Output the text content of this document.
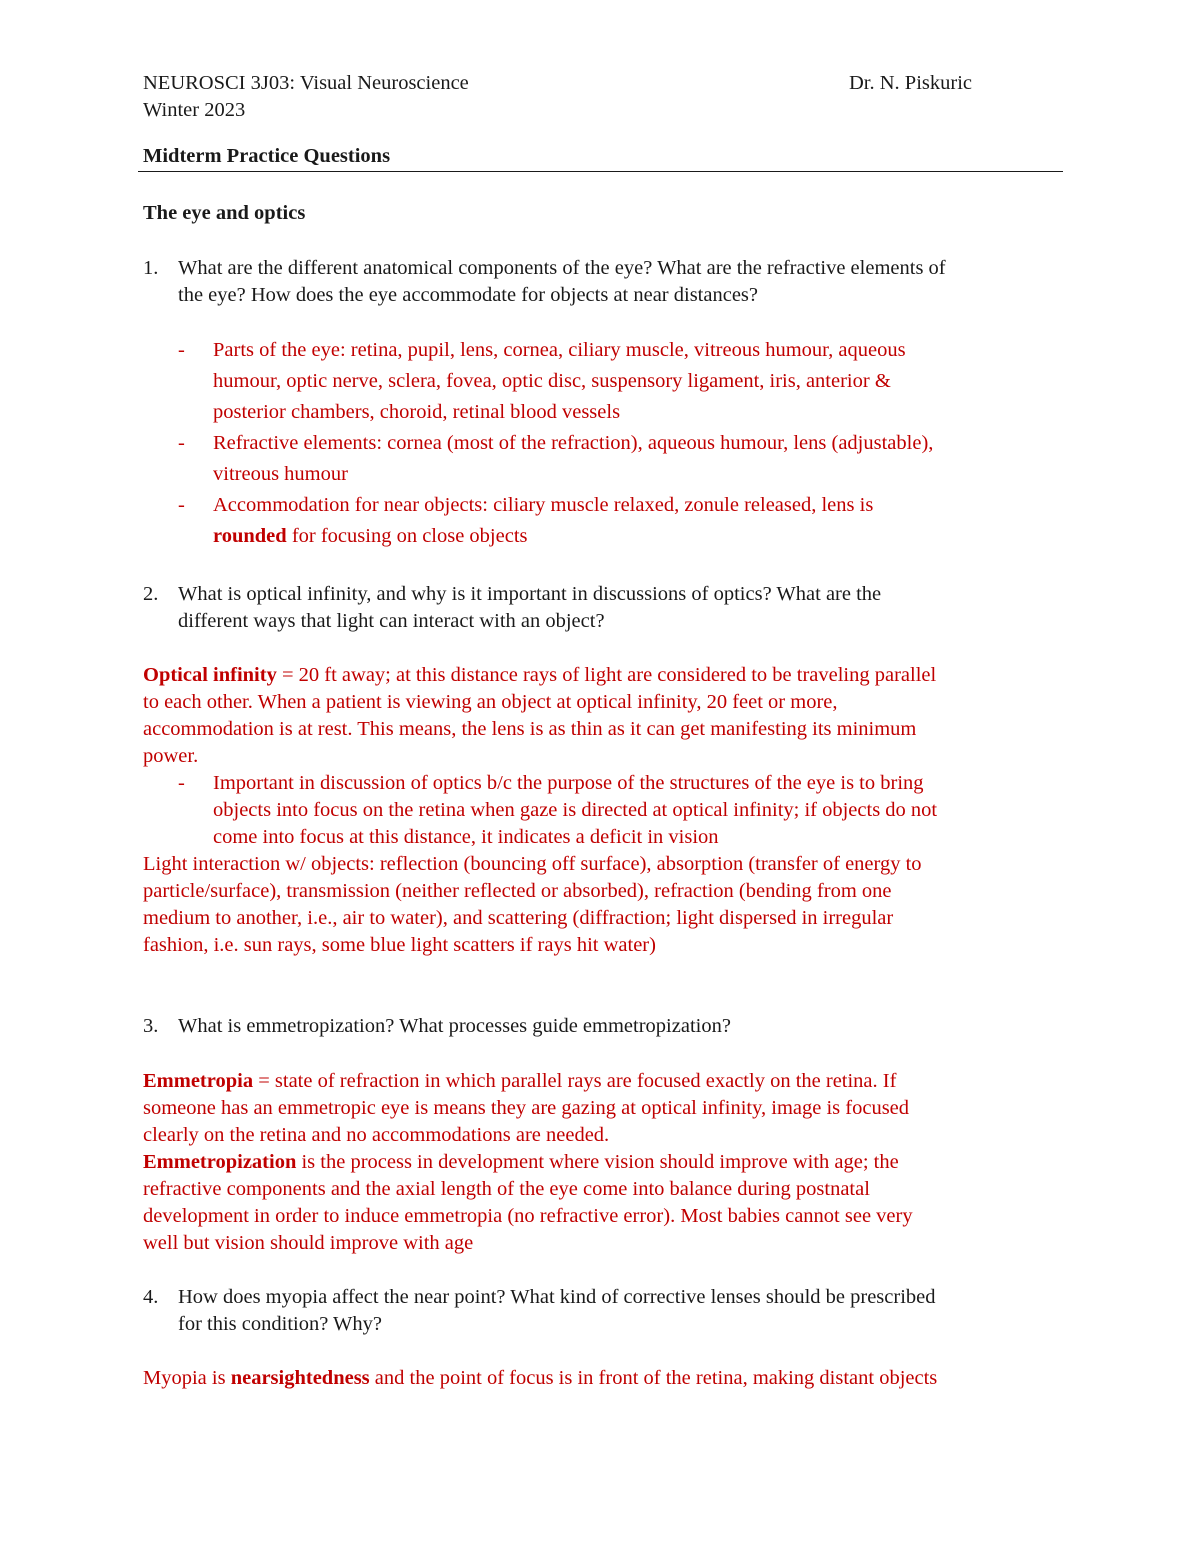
NEUROSCI 3J03: Visual Neuroscience	Dr. N. Piskuric

Winter 2023

Midterm Practice Questions

The eye and optics

1. What are the different anatomical components of the eye? What are the refractive elements of

the eye? How does the eye accommodate for objects at near distances?

- Parts of the eye: retina, pupil, lens, cornea, ciliary muscle, vitreous humour, aqueous

humour, optic nerve, sclera, fovea, optic disc, suspensory ligament, iris, anterior &

posterior chambers, choroid, retinal blood vessels

- Refractive elements: cornea (most of the refraction), aqueous humour, lens (adjustable),

vitreous humour

- Accommodation for near objects: ciliary muscle relaxed, zonule released, lens is

rounded for focusing on close objects

2. What is optical infinity, and why is it important in discussions of optics? What are the

different ways that light can interact with an object?

Optical infinity = 20 ft away; at this distance rays of light are considered to be traveling parallel

to each other. When a patient is viewing an object at optical infinity, 20 feet or more,

accommodation is at rest. This means, the lens is as thin as it can get manifesting its minimum

power.

- Important in discussion of optics b/c the purpose of the structures of the eye is to bring

objects into focus on the retina when gaze is directed at optical infinity; if objects do not

come into focus at this distance, it indicates a deficit in vision

Light interaction w/ objects: reflection (bouncing off surface), absorption (transfer of energy to

particle/surface), transmission (neither reflected or absorbed), refraction (bending from one

medium to another, i.e., air to water), and scattering (diffraction; light dispersed in irregular

fashion, i.e. sun rays, some blue light scatters if rays hit water)

3. What is emmetropization? What processes guide emmetropization?

Emmetropia = state of refraction in which parallel rays are focused exactly on the retina. If

someone has an emmetropic eye is means they are gazing at optical infinity, image is focused

clearly on the retina and no accommodations are needed.

Emmetropization is the process in development where vision should improve with age; the

refractive components and the axial length of the eye come into balance during postnatal

development in order to induce emmetropia (no refractive error). Most babies cannot see very

well but vision should improve with age

4. How does myopia affect the near point? What kind of corrective lenses should be prescribed

for this condition? Why?

Myopia is nearsightedness and the point of focus is in front of the retina, making distant objects
